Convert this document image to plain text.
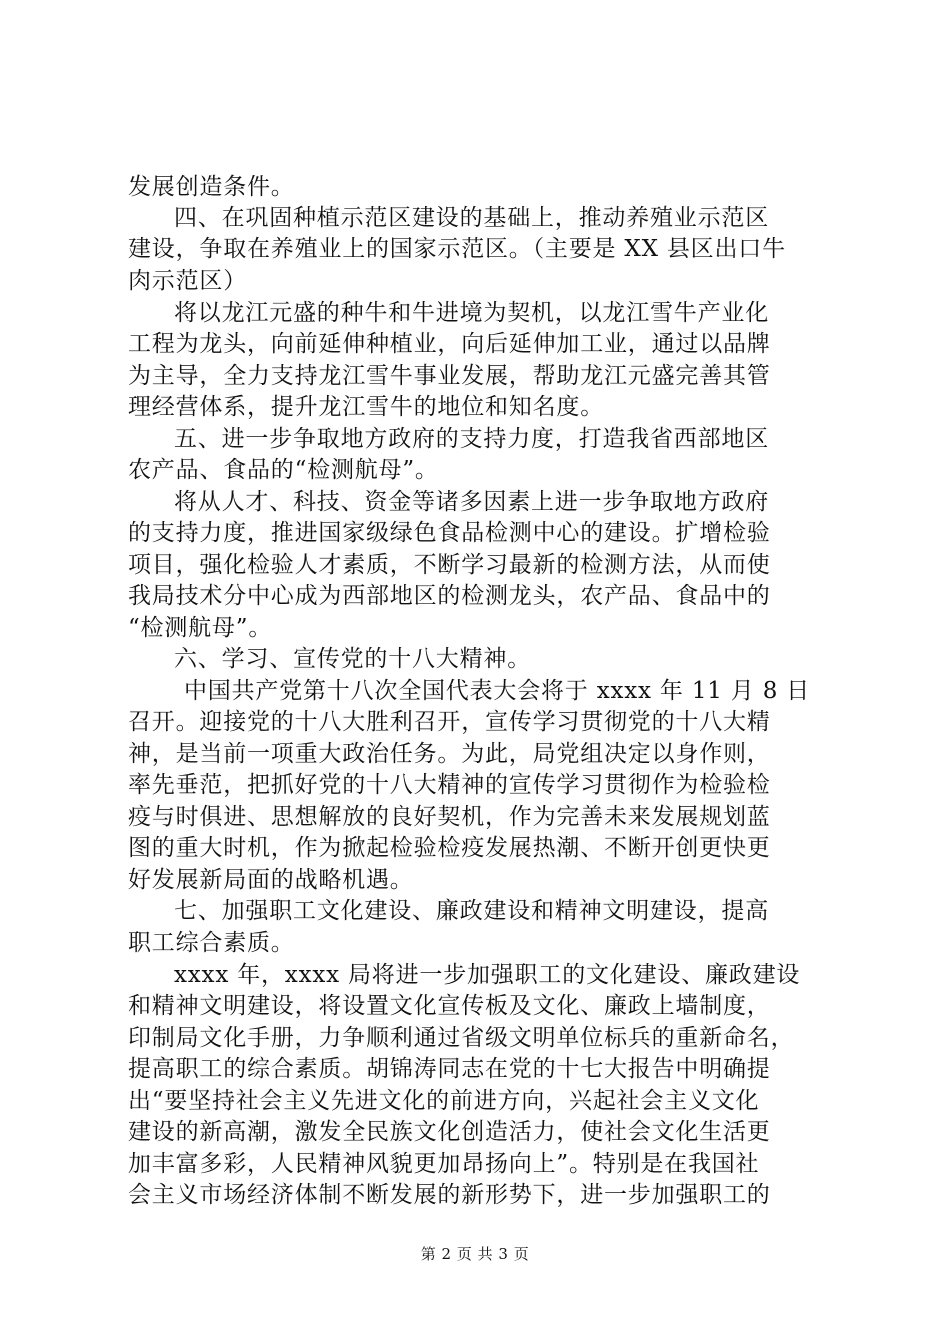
发展创造条件。
四、在巩固种植示范区建设的基础上，推动养殖业示范区
建设，争取在养殖业上的国家示范区。（主要是 XX 县区出口牛
肉示范区）
将以龙江元盛的种牛和牛进境为契机，以龙江雪牛产业化
工程为龙头，向前延伸种植业，向后延伸加工业，通过以品牌
为主导，全力支持龙江雪牛事业发展，帮助龙江元盛完善其管
理经营体系，提升龙江雪牛的地位和知名度。
五、进一步争取地方政府的支持力度，打造我省西部地区
农产品、食品的“检测航母”。
将从人才、科技、资金等诸多因素上进一步争取地方政府
的支持力度，推进国家级绿色食品检测中心的建设。扩增检验
项目，强化检验人才素质，不断学习最新的检测方法，从而使
我局技术分中心成为西部地区的检测龙头，农产品、食品中的
“检测航母”。
六、学习、宣传党的十八大精神。
中国共产党第十八次全国代表大会将于 xxxx 年 11 月 8 日
召开。迎接党的十八大胜利召开，宣传学习贯彻党的十八大精
神，是当前一项重大政治任务。为此，局党组决定以身作则，
率先垂范，把抓好党的十八大精神的宣传学习贯彻作为检验检
疫与时俱进、思想解放的良好契机，作为完善未来发展规划蓝
图的重大时机，作为掀起检验检疫发展热潮、不断开创更快更
好发展新局面的战略机遇。
七、加强职工文化建设、廉政建设和精神文明建设，提高
职工综合素质。
xxxx 年，xxxx 局将进一步加强职工的文化建设、廉政建设
和精神文明建设，将设置文化宣传板及文化、廉政上墙制度，
印制局文化手册，力争顺利通过省级文明单位标兵的重新命名，
提高职工的综合素质。胡锦涛同志在党的十七大报告中明确提
出“要坚持社会主义先进文化的前进方向，兴起社会主义文化
建设的新高潮，激发全民族文化创造活力，使社会文化生活更
加丰富多彩，人民精神风貌更加昂扬向上”。特别是在我国社
会主义市场经济体制不断发展的新形势下，进一步加强职工的
第 2 页 共 3 页
